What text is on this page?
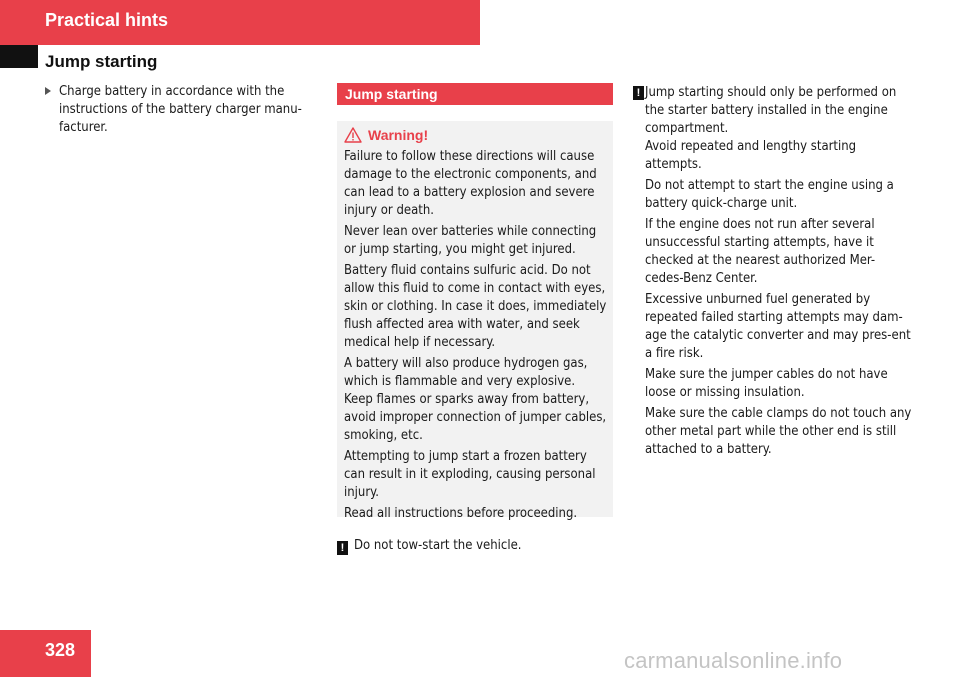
Practical hints
Jump starting
Charge battery in accordance with the instructions of the battery charger manu-facturer.
Jump starting
Warning!

Failure to follow these directions will cause damage to the electronic components, and can lead to a battery explosion and severe injury or death.

Never lean over batteries while connecting or jump starting, you might get injured.

Battery fluid contains sulfuric acid. Do not allow this fluid to come in contact with eyes, skin or clothing. In case it does, immediately flush affected area with water, and seek medical help if necessary.

A battery will also produce hydrogen gas, which is flammable and very explosive. Keep flames or sparks away from battery, avoid improper connection of jumper cables, smoking, etc.

Attempting to jump start a frozen battery can result in it exploding, causing personal injury.

Read all instructions before proceeding.

! Do not tow-start the vehicle.
! Jump starting should only be performed on the starter battery installed in the engine compartment.

Avoid repeated and lengthy starting attempts.

Do not attempt to start the engine using a battery quick-charge unit.

If the engine does not run after several unsuccessful starting attempts, have it checked at the nearest authorized Mer-cedes-Benz Center.

Excessive unburned fuel generated by repeated failed starting attempts may dam-age the catalytic converter and may pres-ent a fire risk.

Make sure the jumper cables do not have loose or missing insulation.

Make sure the cable clamps do not touch any other metal part while the other end is still attached to a battery.

328	carmanualsonline.info
